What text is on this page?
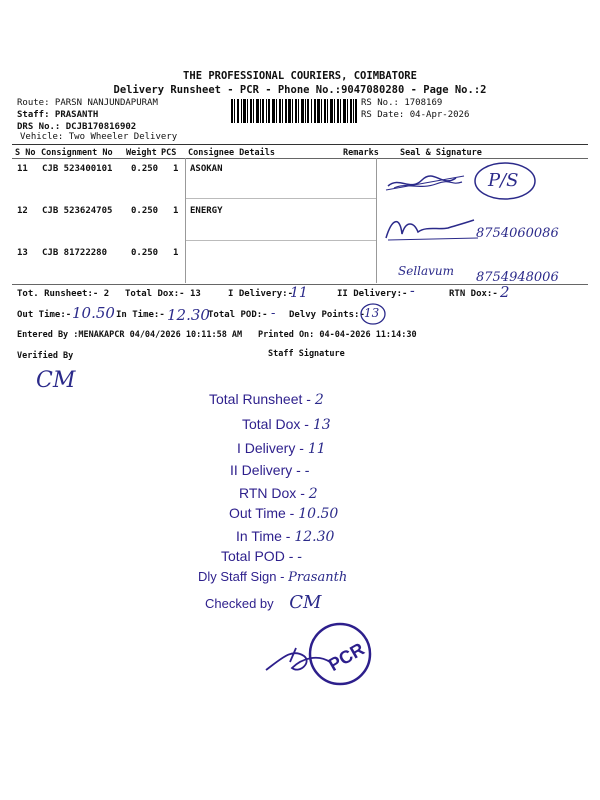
THE PROFESSIONAL COURIERS, COIMBATORE
Delivery Runsheet - PCR - Phone No.:9047080280 - Page No.:2
Route: PARSN NANJUNDAPURAM
Staff: PRASANTH
DRS No.: DCJB170816902
Vehicle: Two Wheeler Delivery
RS No.: 1708169
RS Date: 04-Apr-2026
S No Consignment No Weight PCS Consignee Details	Remarks Seal & Signature
11 CJB 523400101 0.250 1 ASOKAN
12 CJB 523624705 0.250 1 ENERGY
13 CJB 81722280	0.250 1
P/S
8754060086
Sellavum 8754948006
Tot. Runsheet:- 2 Total Dox:- 13	I Delivery:-
11	II Delivery:- -	RTN Dox:- 2
Out Time:- 10.50 In Time:- 12.30
Total POD:- - Delvy Points:- 13
Entered By :MENAKAPCR 04/04/2026 10:11:58 AM Printed On: 04-04-2026 11:14:30
Verified By	Staff Signature
CM
Total Runsheet - 2
Total Dox - 13
I Delivery - 11
II Delivery - -
RTN Dox - 2
Out Time - 10.50
In Time - 12.30
Total POD - -
Dly Staff Sign - Prasanth
Checked by CM
PCR
